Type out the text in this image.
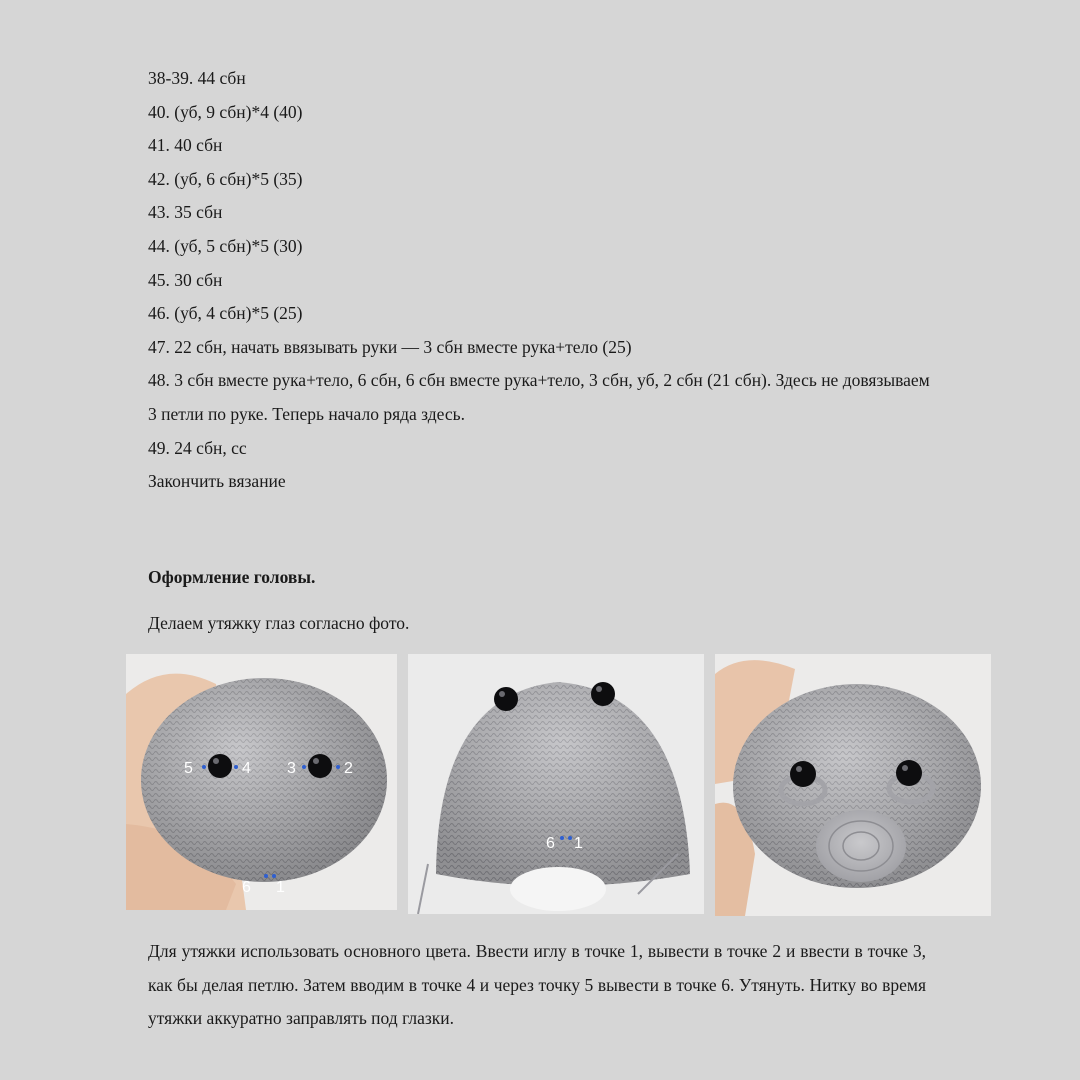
38-39. 44 сбн
40. (уб, 9 сбн)*4 (40)
41. 40 сбн
42. (уб, 6 сбн)*5 (35)
43. 35 сбн
44. (уб, 5 сбн)*5 (30)
45. 30 сбн
46. (уб, 4 сбн)*5 (25)
47. 22 сбн, начать ввязывать руки — 3 сбн вместе рука+тело (25)
48. 3 сбн вместе рука+тело, 6 сбн, 6 сбн вместе рука+тело, 3 сбн, уб, 2 сбн (21 сбн). Здесь не довязываем 3 петли по руке. Теперь начало ряда здесь.
49. 24 сбн, сс
Закончить вязание
Оформление головы.
Делаем утяжку глаз согласно фото.
5	4 3	2
6 1
6 1
Для утяжки использовать основного цвета. Ввести иглу в точке 1, вывести в точке 2 и ввести в точке 3, как бы делая петлю. Затем вводим в точке 4 и через точку 5 вывести в точке 6. Утянуть. Нитку во время утяжки аккуратно заправлять под глазки.
